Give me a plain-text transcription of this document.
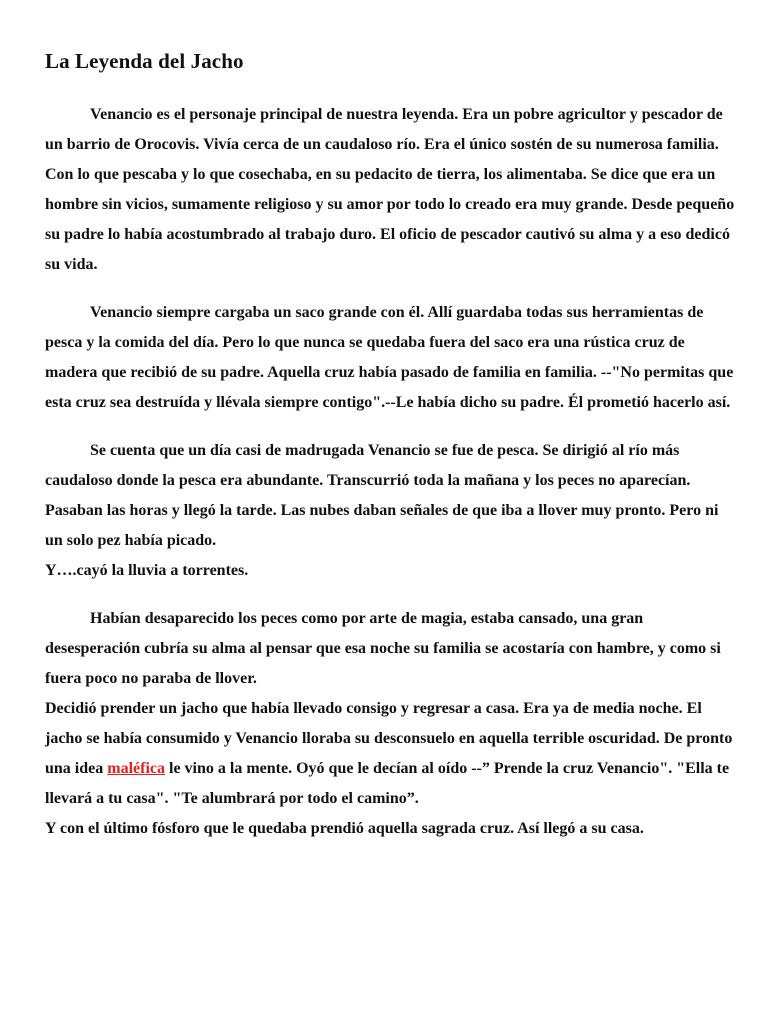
La Leyenda del Jacho

Venancio es el personaje principal de nuestra leyenda. Era un pobre agricultor y pescador de un barrio de Orocovis. Vivía cerca de un caudaloso río. Era el único sostén de su numerosa familia. Con lo que pescaba y lo que cosechaba, en su pedacito de tierra, los alimentaba. Se dice que era un hombre sin vicios, sumamente religioso y su amor por todo lo creado era muy grande. Desde pequeño su padre lo había acostumbrado al trabajo duro. El oficio de pescador cautivó su alma y a eso dedicó su vida.

Venancio siempre cargaba un saco grande con él. Allí guardaba todas sus herramientas de pesca y la comida del día. Pero lo que nunca se quedaba fuera del saco era una rústica cruz de madera que recibió de su padre. Aquella cruz había pasado de familia en familia. --"No permitas que esta cruz sea destruída y llévala siempre contigo".--Le había dicho su padre. Él prometió hacerlo así.

Se cuenta que un día casi de madrugada Venancio se fue de pesca. Se dirigió al río más caudaloso donde la pesca era abundante. Transcurrió toda la mañana y los peces no aparecían. Pasaban las horas y llegó la tarde. Las nubes daban señales de que iba a llover muy pronto. Pero ni un solo pez había picado.

Y….cayó la lluvia a torrentes.

Habían desaparecido los peces como por arte de magia, estaba cansado, una gran desesperación cubría su alma al pensar que esa noche su familia se acostaría con hambre, y como si fuera poco no paraba de llover.

Decidió prender un jacho que había llevado consigo y regresar a casa. Era ya de media noche. El jacho se había consumido y Venancio lloraba su desconsuelo en aquella terrible oscuridad. De pronto una idea maléfica le vino a la mente. Oyó que le decían al oído --” Prende la cruz Venancio". "Ella te llevará a tu casa". "Te alumbrará por todo el camino”.

Y con el último fósforo que le quedaba prendió aquella sagrada cruz. Así llegó a su casa.
